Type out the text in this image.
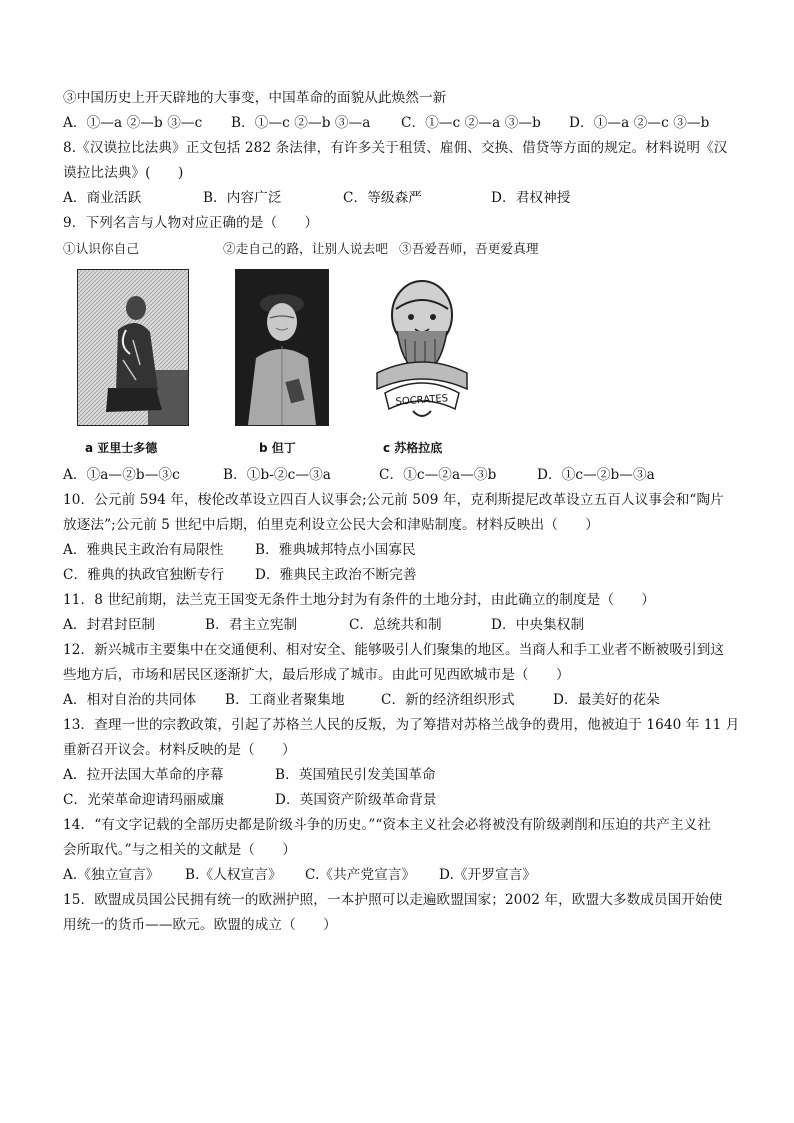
③中国历史上开天辟地的大事变，中国革命的面貌从此焕然一新
A．①—a ②—b ③—c B．①—c ②—b ③—a C．①—c ②—a ③—b D．①—a ②—c ③—b
8.《汉谟拉比法典》正文包括 282 条法律，有许多关于租赁、雇佣、交换、借贷等方面的规定。材料说明《汉
谟拉比法典》(　　)
A．商业活跃	B．内容广泛	C．等级森严	D．君权神授
9．下列名言与人物对应正确的是（　　）
①认识你自己	②走自己的路，让别人说去吧 ③吾爱吾师，吾更爱真理
SOCRATES
a 亚里士多德	b 但丁	c 苏格拉底
A．①a—②b—③c	B．①b-②c—③a	C．①c—②a—③b	D．①c—②b—③a
10．公元前 594 年，梭伦改革设立四百人议事会;公元前 509 年，克利斯提尼改革设立五百人议事会和“陶片
放逐法”;公元前 5 世纪中后期，伯里克利设立公民大会和津贴制度。材料反映出（　　）
A．雅典民主政治有局限性 B．雅典城邦特点小国寡民
C．雅典的执政官独断专行 D．雅典民主政治不断完善
11．8 世纪前期，法兰克王国变无条件土地分封为有条件的土地分封，由此确立的制度是（　　）
A．封君封臣制	B．君主立宪制	C．总统共和制	D．中央集权制
12．新兴城市主要集中在交通便利、相对安全、能够吸引人们聚集的地区。当商人和手工业者不断被吸引到这
些地方后，市场和居民区逐渐扩大，最后形成了城市。由此可见西欧城市是（　　）
A．相对自治的共同体 B．工商业者聚集地	C．新的经济组织形式	D．最美好的花朵
13．查理一世的宗教政策，引起了苏格兰人民的反叛，为了筹措对苏格兰战争的费用，他被迫于 1640 年 11 月
重新召开议会。材料反映的是（　　）
A．拉开法国大革命的序幕	B．英国殖民引发美国革命
C．光荣革命迎请玛丽威廉	D．英国资产阶级革命背景
14．“有文字记载的全部历史都是阶级斗争的历史。”“资本主义社会必将被没有阶级剥削和压迫的共产主义社
会所取代。”与之相关的文献是（　　）
A.《独立宣言》 B.《人权宣言》 C.《共产党宣言》 D.《开罗宣言》
15．欧盟成员国公民拥有统一的欧洲护照，一本护照可以走遍欧盟国家；2002 年，欧盟大多数成员国开始使
用统一的货币——欧元。欧盟的成立（　　）
